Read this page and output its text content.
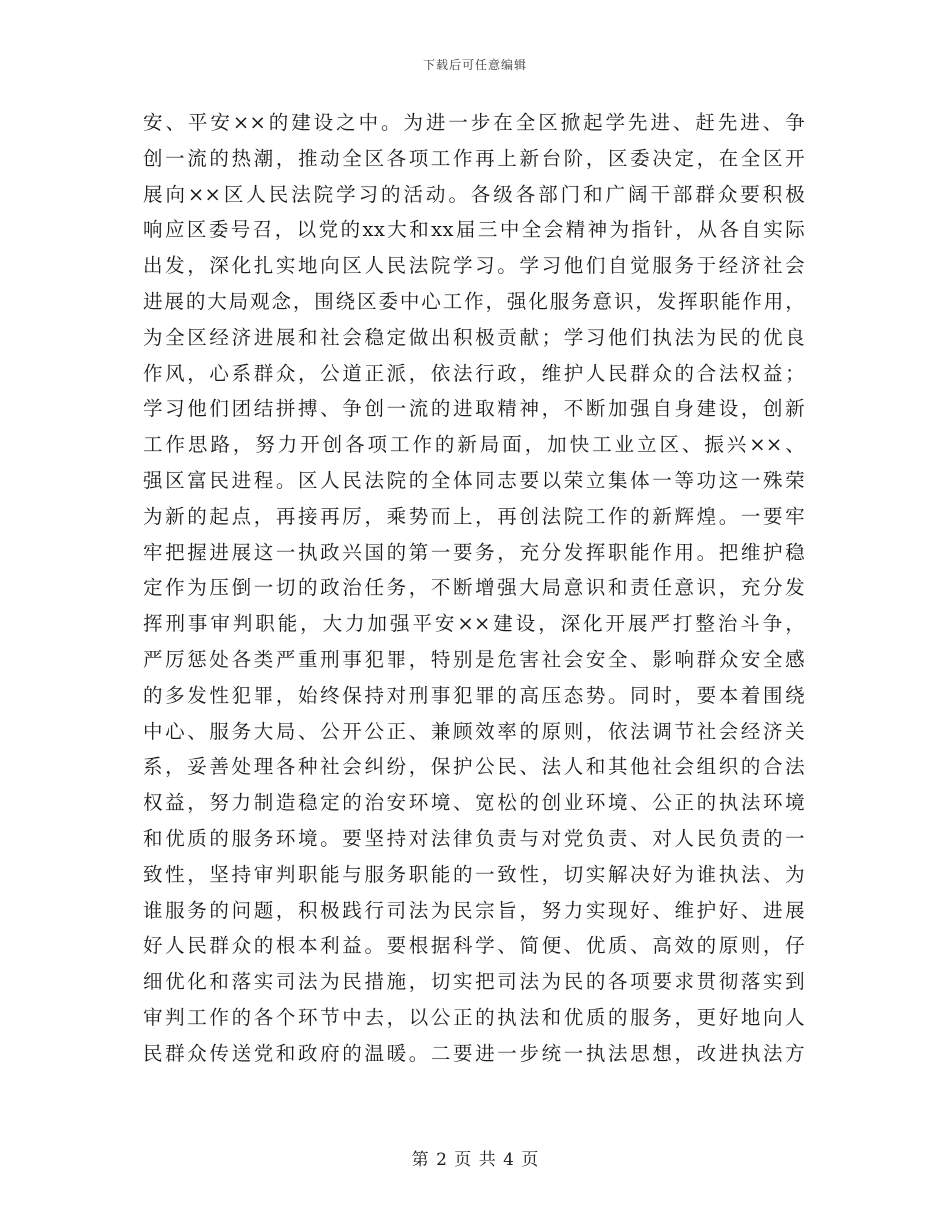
下载后可任意编辑
安、平安××的建设之中。为进一步在全区掀起学先进、赶先进、争
创一流的热潮，推动全区各项工作再上新台阶，区委决定，在全区开
展向××区人民法院学习的活动。各级各部门和广阔干部群众要积极
响应区委号召，以党的xx大和xx届三中全会精神为指针，从各自实际
出发，深化扎实地向区人民法院学习。学习他们自觉服务于经济社会
进展的大局观念，围绕区委中心工作，强化服务意识，发挥职能作用，
为全区经济进展和社会稳定做出积极贡献；学习他们执法为民的优良
作风，心系群众，公道正派，依法行政，维护人民群众的合法权益；
学习他们团结拼搏、争创一流的进取精神，不断加强自身建设，创新
工作思路，努力开创各项工作的新局面，加快工业立区、振兴××、
强区富民进程。区人民法院的全体同志要以荣立集体一等功这一殊荣
为新的起点，再接再厉，乘势而上，再创法院工作的新辉煌。一要牢
牢把握进展这一执政兴国的第一要务，充分发挥职能作用。把维护稳
定作为压倒一切的政治任务，不断增强大局意识和责任意识，充分发
挥刑事审判职能，大力加强平安××建设，深化开展严打整治斗争，
严厉惩处各类严重刑事犯罪，特别是危害社会安全、影响群众安全感
的多发性犯罪，始终保持对刑事犯罪的高压态势。同时，要本着围绕
中心、服务大局、公开公正、兼顾效率的原则，依法调节社会经济关
系，妥善处理各种社会纠纷，保护公民、法人和其他社会组织的合法
权益，努力制造稳定的治安环境、宽松的创业环境、公正的执法环境
和优质的服务环境。要坚持对法律负责与对党负责、对人民负责的一
致性，坚持审判职能与服务职能的一致性，切实解决好为谁执法、为
谁服务的问题，积极践行司法为民宗旨，努力实现好、维护好、进展
好人民群众的根本利益。要根据科学、简便、优质、高效的原则，仔
细优化和落实司法为民措施，切实把司法为民的各项要求贯彻落实到
审判工作的各个环节中去，以公正的执法和优质的服务，更好地向人
民群众传送党和政府的温暖。二要进一步统一执法思想，改进执法方
第 2 页 共 4 页
